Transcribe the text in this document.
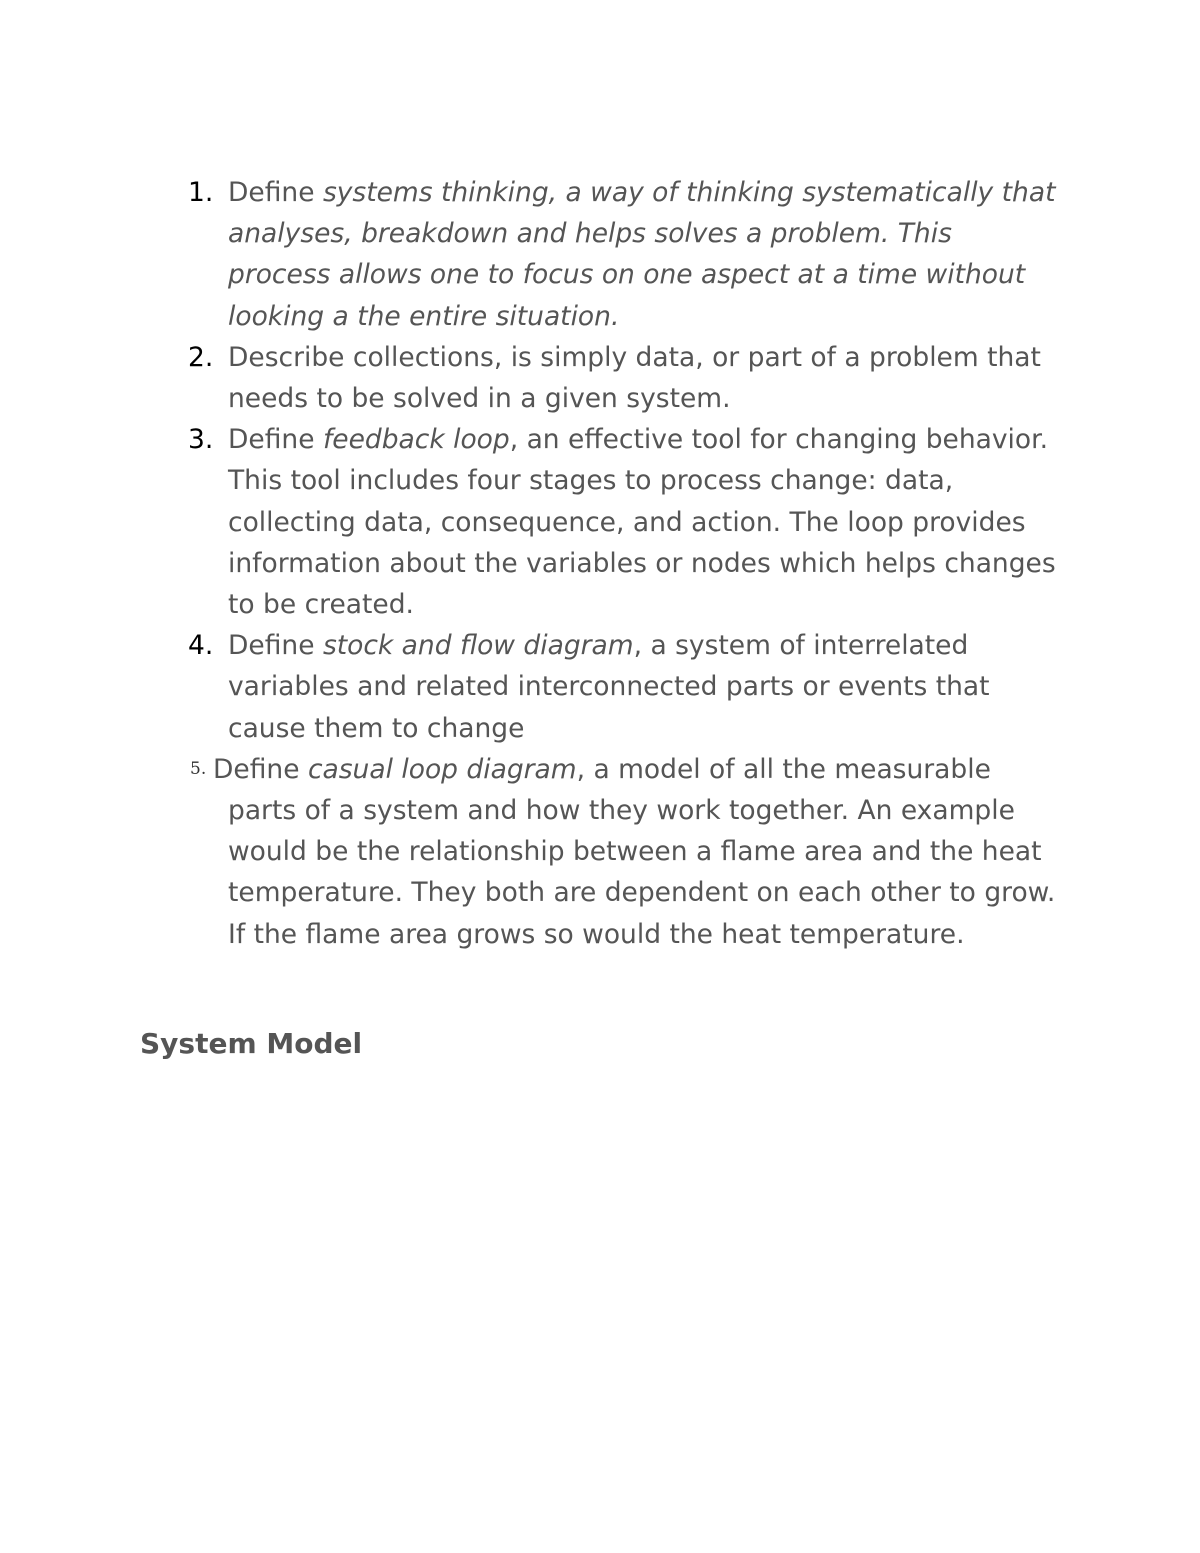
1. Define systems thinking, a way of thinking systematically that analyses, breakdown and helps solves a problem. This process allows one to focus on one aspect at a time without looking a the entire situation.
2. Describe collections, is simply data, or part of a problem that needs to be solved in a given system.
3. Define feedback loop, an effective tool for changing behavior. This tool includes four stages to process change: data, collecting data, consequence, and action. The loop provides information about the variables or nodes which helps changes to be created.
4. Define stock and flow diagram, a system of interrelated variables and related interconnected parts or events that cause them to change
5. Define casual loop diagram, a model of all the measurable parts of a system and how they work together. An example would be the relationship between a flame area and the heat temperature. They both are dependent on each other to grow. If the flame area grows so would the heat temperature.
System Model
